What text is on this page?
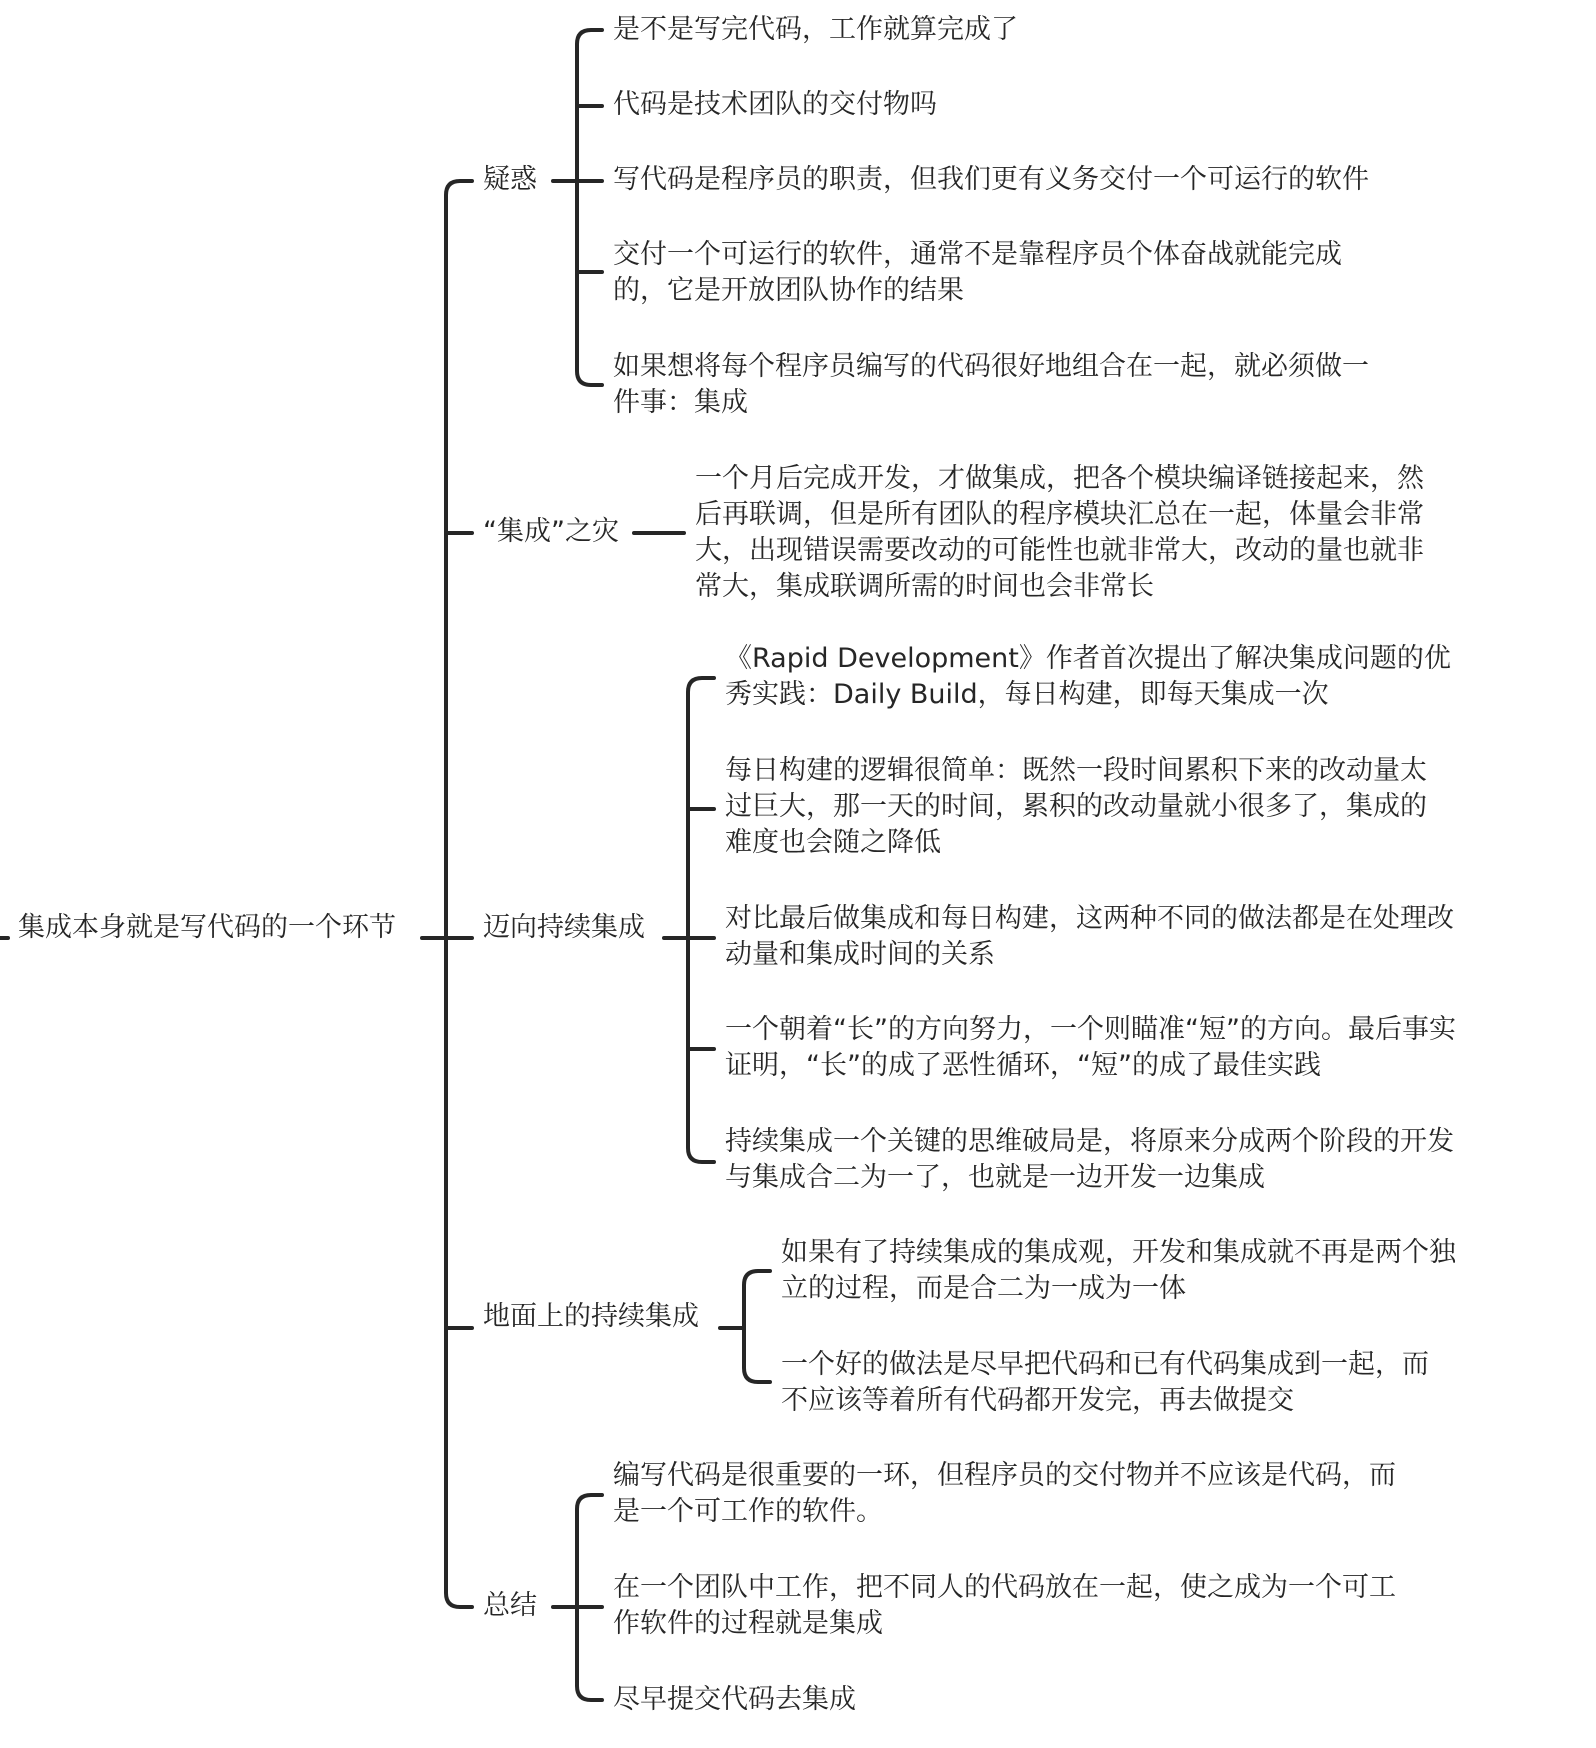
集成本身就是写代码的一个环节
疑惑
是不是写完代码，工作就算完成了
代码是技术团队的交付物吗
写代码是程序员的职责，但我们更有义务交付一个可运行的软件
交付一个可运行的软件，通常不是靠程序员个体奋战就能完成
的，它是开放团队协作的结果
如果想将每个程序员编写的代码很好地组合在一起，就必须做一
件事：集成
“集成”之灾
一个月后完成开发，才做集成，把各个模块编译链接起来，然
后再联调，但是所有团队的程序模块汇总在一起，体量会非常
大，出现错误需要改动的可能性也就非常大，改动的量也就非
常大，集成联调所需的时间也会非常长
迈向持续集成
《Rapid Development》作者首次提出了解决集成问题的优
秀实践：Daily Build，每日构建，即每天集成一次
每日构建的逻辑很简单：既然一段时间累积下来的改动量太
过巨大，那一天的时间，累积的改动量就小很多了，集成的
难度也会随之降低
对比最后做集成和每日构建，这两种不同的做法都是在处理改
动量和集成时间的关系
一个朝着“长”的方向努力，一个则瞄准“短”的方向。最后事实
证明，“长”的成了恶性循环，“短”的成了最佳实践
持续集成一个关键的思维破局是，将原来分成两个阶段的开发
与集成合二为一了，也就是一边开发一边集成
地面上的持续集成
如果有了持续集成的集成观，开发和集成就不再是两个独
立的过程，而是合二为一成为一体
一个好的做法是尽早把代码和已有代码集成到一起，而
不应该等着所有代码都开发完，再去做提交
总结
编写代码是很重要的一环，但程序员的交付物并不应该是代码，而
是一个可工作的软件。
在一个团队中工作，把不同人的代码放在一起，使之成为一个可工
作软件的过程就是集成
尽早提交代码去集成
